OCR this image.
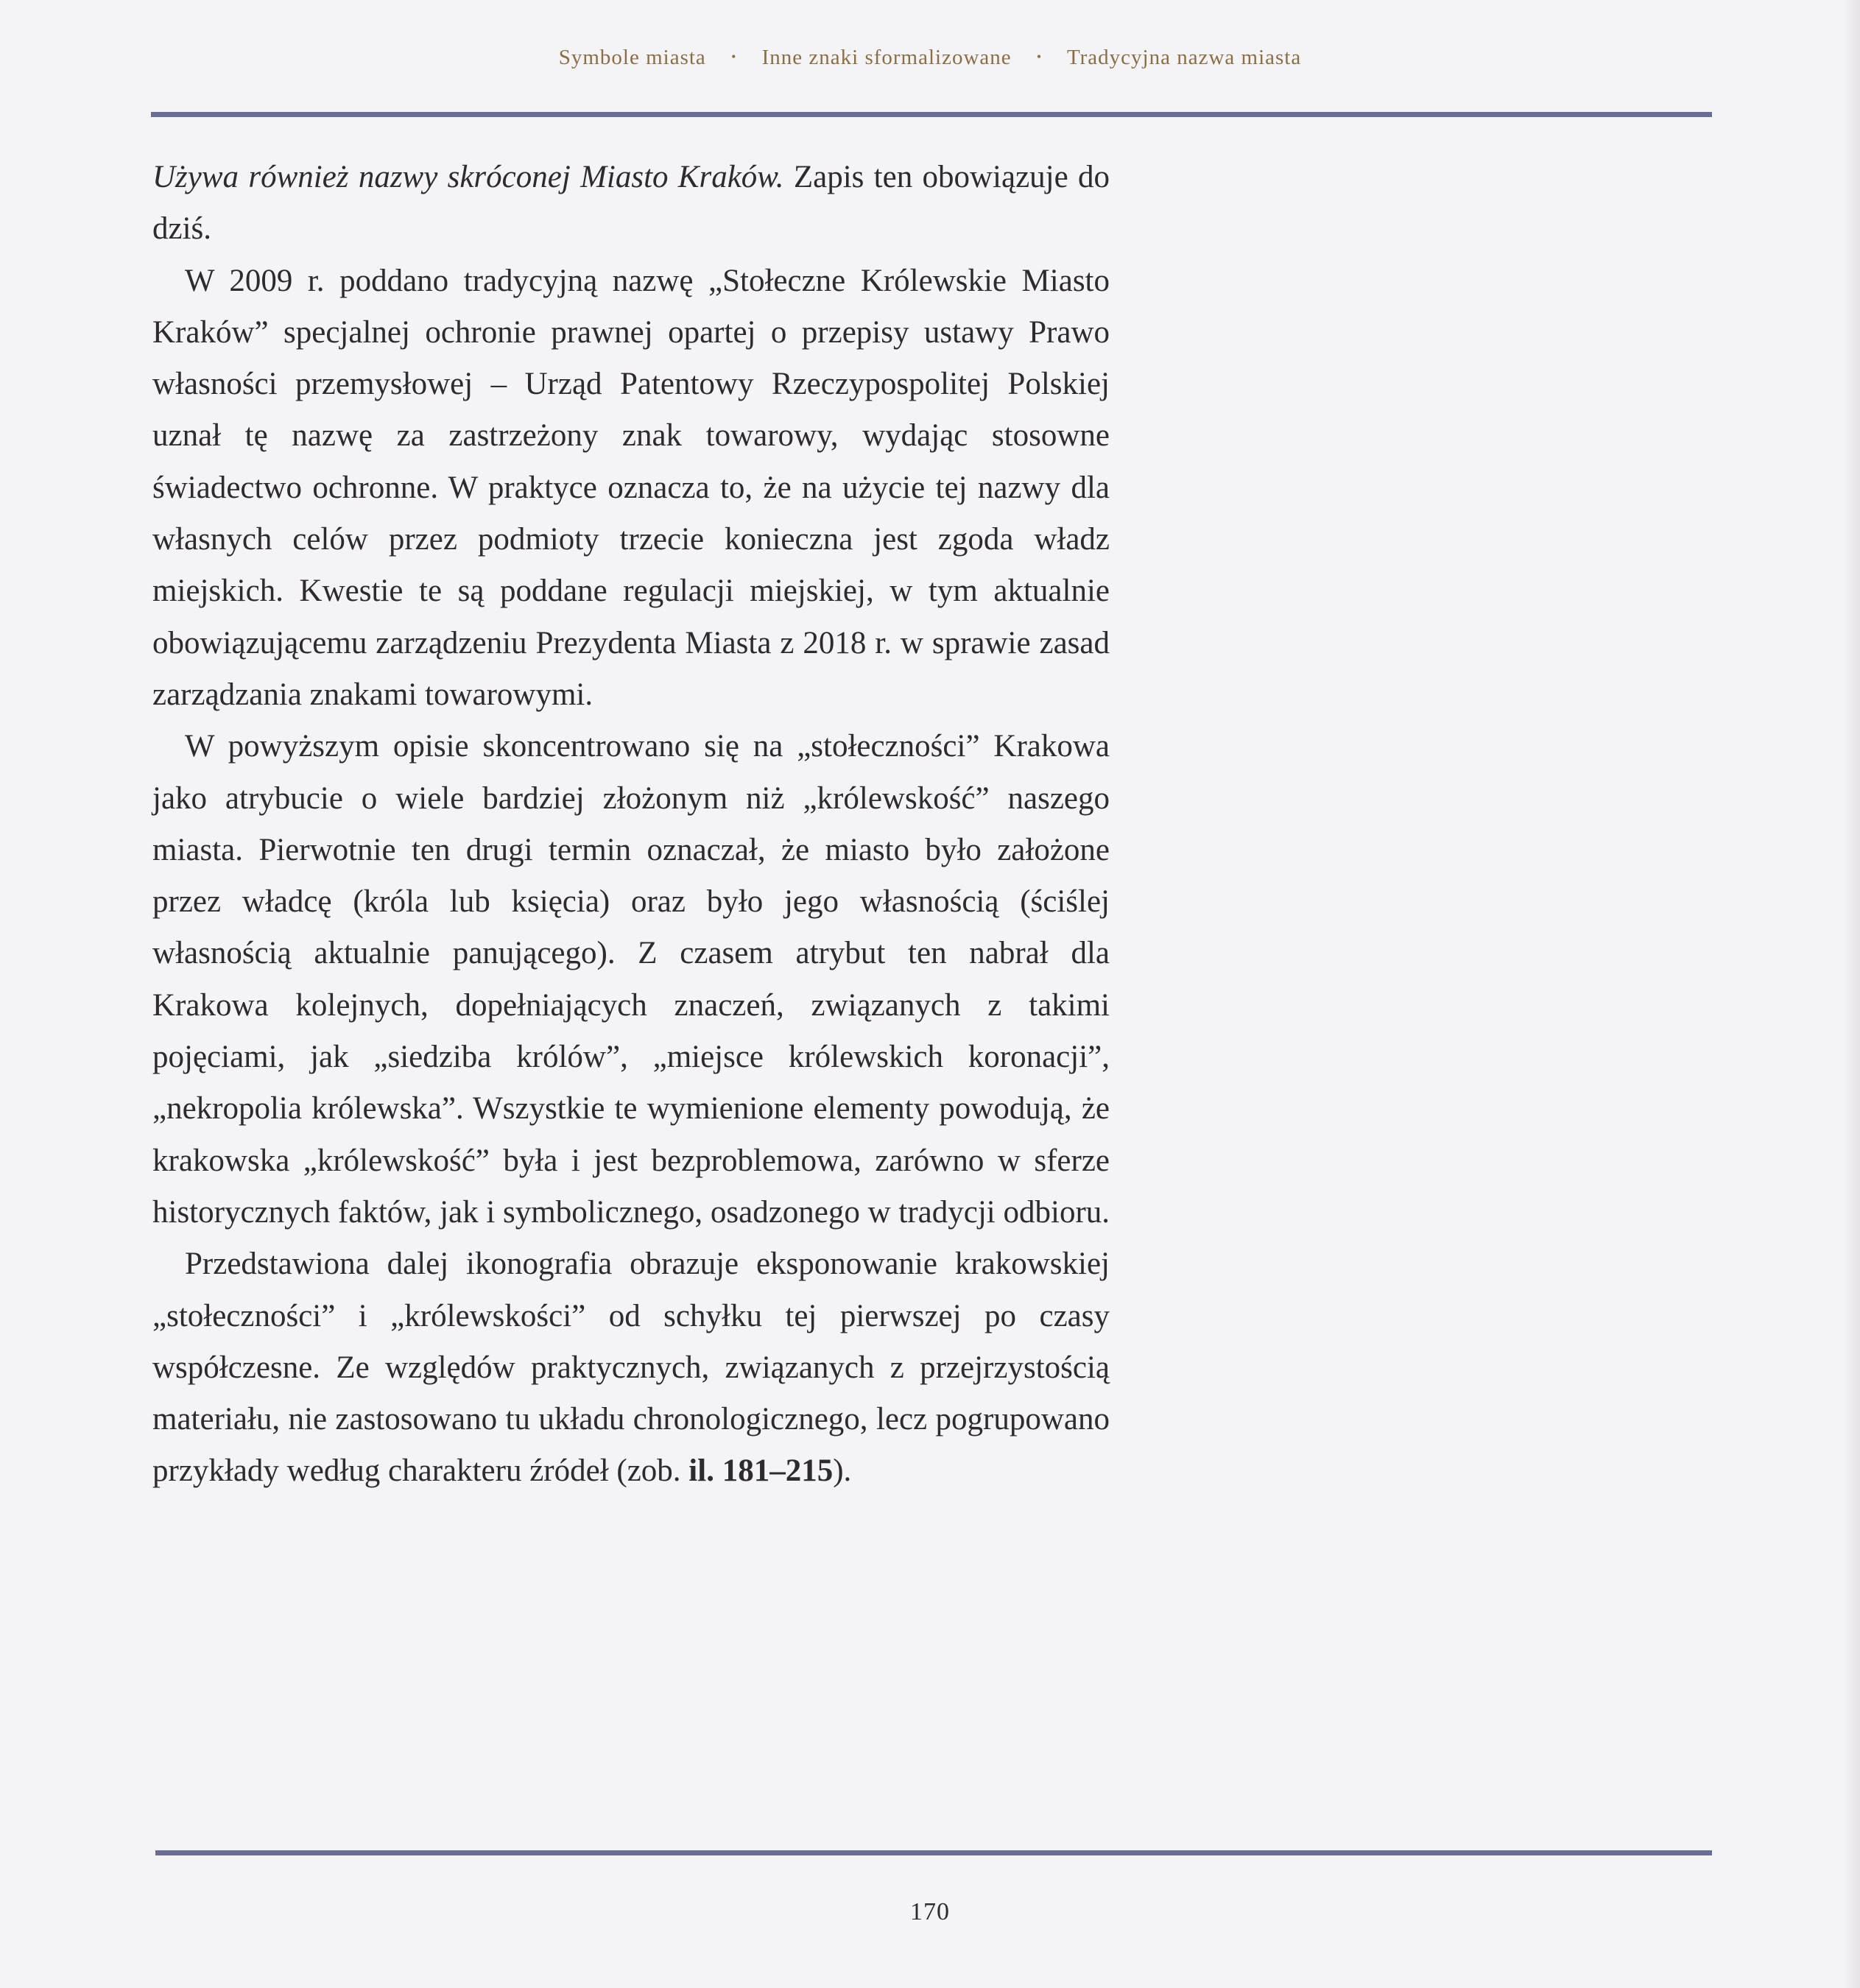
Symbole miasta • Inne znaki sformalizowane • Tradycyjna nazwa miasta

Używa również nazwy skróconej Miasto Kraków. Zapis ten obowiązuje do dziś.

W 2009 r. poddano tradycyjną nazwę „Stołeczne Królewskie Miasto Kraków” specjalnej ochronie prawnej opartej o przepisy ustawy Prawo własności przemysłowej – Urząd Patentowy Rzeczypospolitej Polskiej uznał tę nazwę za zastrzeżony znak towarowy, wydając stosowne świadectwo ochronne. W praktyce oznacza to, że na użycie tej nazwy dla własnych celów przez podmioty trzecie konieczna jest zgoda władz miejskich. Kwestie te są poddane regulacji miejskiej, w tym aktualnie obowiązującemu zarządzeniu Prezydenta Miasta z 2018 r. w sprawie zasad zarządzania znakami towarowymi.

W powyższym opisie skoncentrowano się na „stołeczności” Krakowa jako atrybucie o wiele bardziej złożonym niż „królewskość” naszego miasta. Pierwotnie ten drugi termin oznaczał, że miasto było założone przez władcę (króla lub księcia) oraz było jego własnością (ściślej własnością aktualnie panującego). Z czasem atrybut ten nabrał dla Krakowa kolejnych, dopełniających znaczeń, związanych z takimi pojęciami, jak „siedziba królów”, „miejsce królewskich koronacji”, „nekropolia królewska”. Wszystkie te wymienione elementy powodują, że krakowska „królewskość” była i jest bezproblemowa, zarówno w sferze historycznych faktów, jak i symbolicznego, osadzonego w tradycji odbioru.

Przedstawiona dalej ikonografia obrazuje eksponowanie krakowskiej „stołeczności” i „królewskości” od schyłku tej pierwszej po czasy współczesne. Ze względów praktycznych, związanych z przejrzystością materiału, nie zastosowano tu układu chronologicznego, lecz pogrupowano przykłady według charakteru źródeł (zob. il. 181–215).

170
